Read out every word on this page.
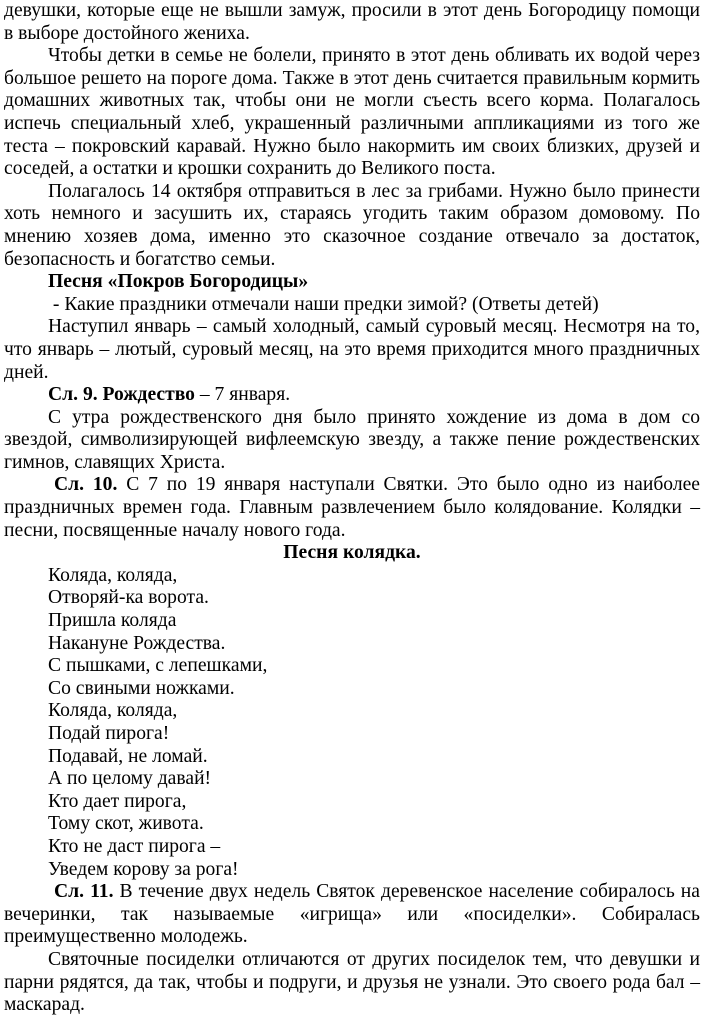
девушки, которые еще не вышли замуж, просили в этот день Богородицу помощи в выборе достойного жениха.

Чтобы детки в семье не болели, принято в этот день обливать их водой через большое решето на пороге дома. Также в этот день считается правильным кормить домашних животных так, чтобы они не могли съесть всего корма. Полагалось испечь специальный хлеб, украшенный различными аппликациями из того же теста – покровский каравай. Нужно было накормить им своих близких, друзей и соседей, а остатки и крошки сохранить до Великого поста.

Полагалось 14 октября отправиться в лес за грибами. Нужно было принести хоть немного и засушить их, стараясь угодить таким образом домовому. По мнению хозяев дома, именно это сказочное создание отвечало за достаток, безопасность и богатство семьи.

Песня «Покров Богородицы»

- Какие праздники отмечали наши предки зимой? (Ответы детей)

Наступил январь – самый холодный, самый суровый месяц. Несмотря на то, что январь – лютый, суровый месяц, на это время приходится много праздничных дней.

Сл. 9. Рождество – 7 января.

С утра рождественского дня было принято хождение из дома в дом со звездой, символизирующей вифлеемскую звезду, а также пение рождественских гимнов, славящих Христа.

Сл. 10. С 7 по 19 января наступали Святки. Это было одно из наиболее праздничных времен года. Главным развлечением было колядование. Колядки – песни, посвященные началу нового года.

Песня колядка.

Коляда, коляда,
Отворяй-ка ворота.
Пришла коляда
Накануне Рождества.
С пышками, с лепешками,
Со свиными ножками.
Коляда, коляда,
Подай пирога!
Подавай, не ломай.
А по целому давай!
Кто дает пирога,
Тому скот, живота.
Кто не даст пирога –
Уведем корову за рога!

Сл. 11. В течение двух недель Святок деревенское население собиралось на вечеринки, так называемые «игрища» или «посиделки». Собиралась преимущественно молодежь.

Святочные посиделки отличаются от других посиделок тем, что девушки и парни рядятся, да так, чтобы и подруги, и друзья не узнали. Это своего рода бал – маскарад.
